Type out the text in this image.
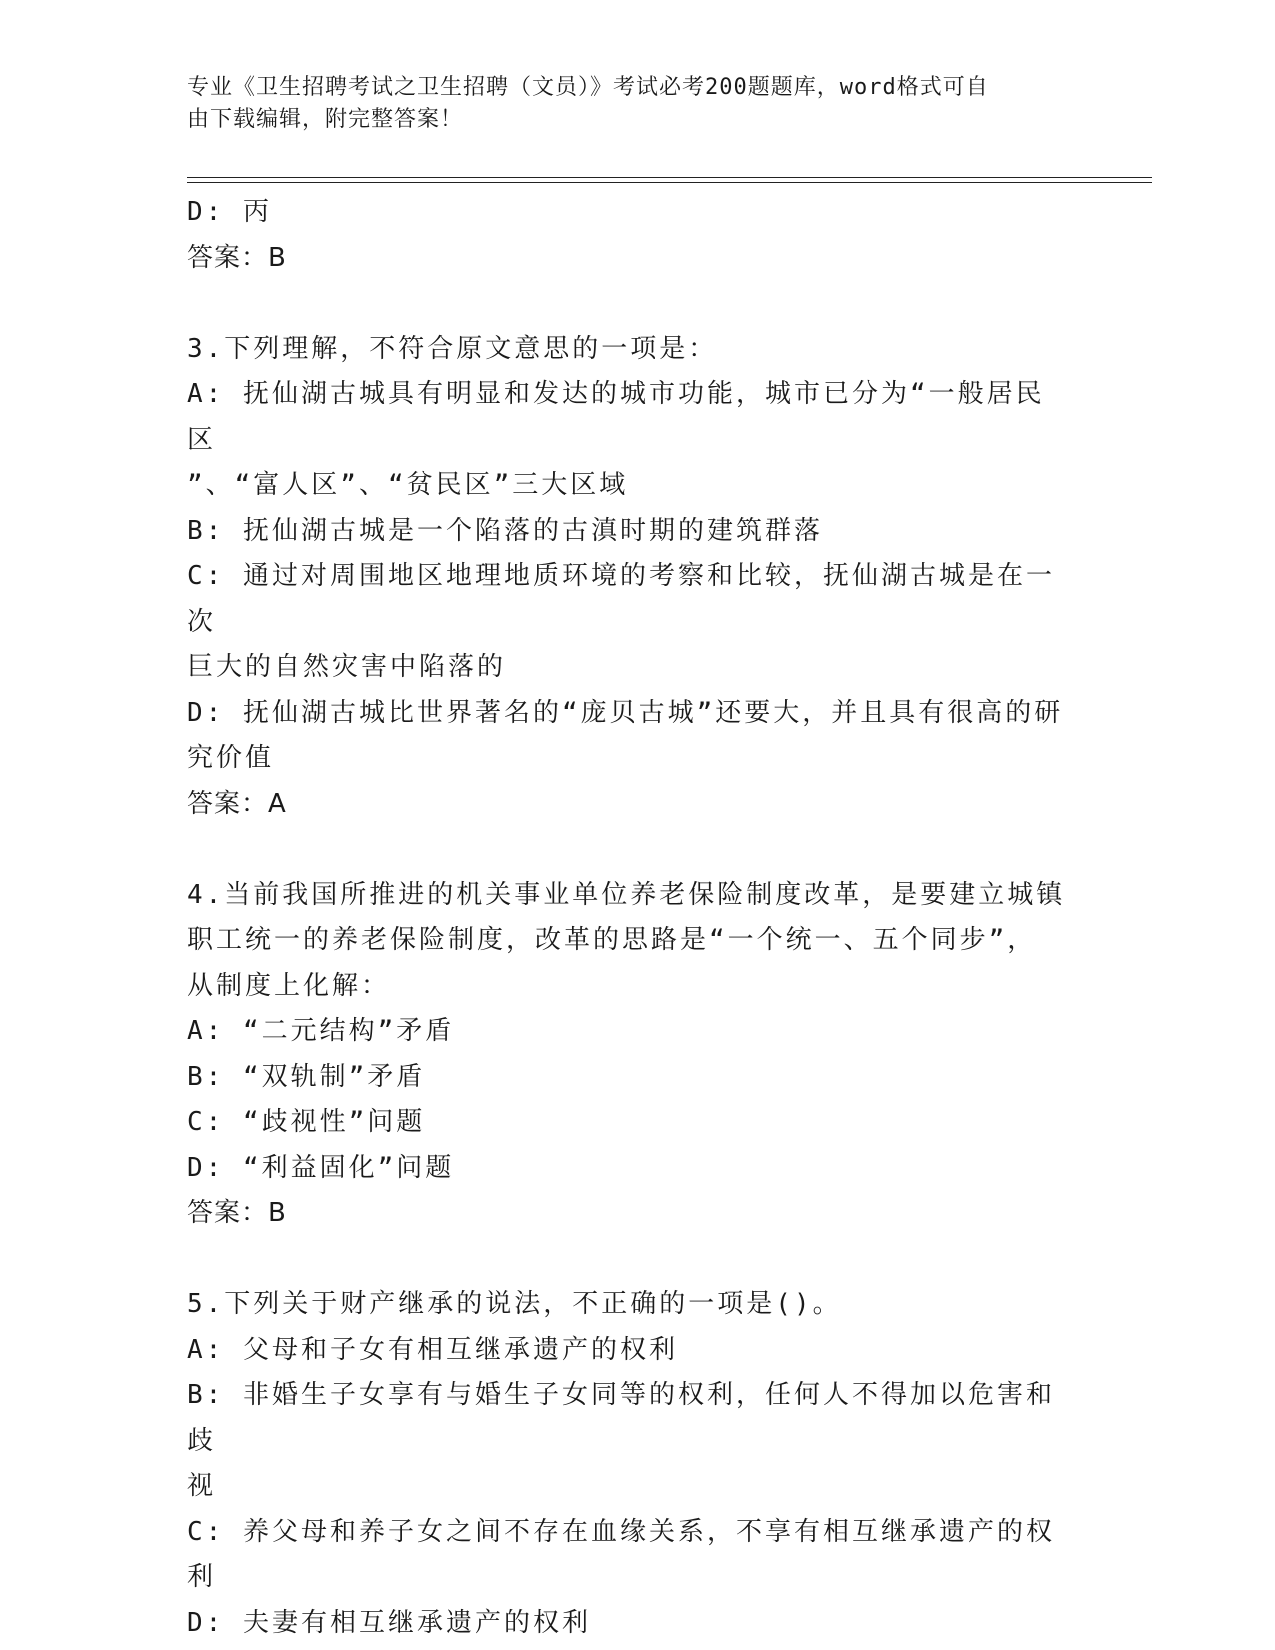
专业《卫生招聘考试之卫生招聘（文员）》考试必考200题题库，word格式可自
由下载编辑，附完整答案！
D: 丙
答案：B
3.下列理解，不符合原文意思的一项是：
A: 抚仙湖古城具有明显和发达的城市功能，城市已分为“一般居民区
”、“富人区”、“贫民区”三大区域
B: 抚仙湖古城是一个陷落的古滇时期的建筑群落
C: 通过对周围地区地理地质环境的考察和比较，抚仙湖古城是在一次
巨大的自然灾害中陷落的
D: 抚仙湖古城比世界著名的“庞贝古城”还要大，并且具有很高的研
究价值
答案：A
4.当前我国所推进的机关事业单位养老保险制度改革，是要建立城镇
职工统一的养老保险制度，改革的思路是“一个统一、五个同步”，
从制度上化解：
A: “二元结构”矛盾
B: “双轨制”矛盾
C: “歧视性”问题
D: “利益固化”问题
答案：B
5.下列关于财产继承的说法，不正确的一项是()。
A: 父母和子女有相互继承遗产的权利
B: 非婚生子女享有与婚生子女同等的权利，任何人不得加以危害和歧
视
C: 养父母和养子女之间不存在血缘关系，不享有相互继承遗产的权利
D: 夫妻有相互继承遗产的权利
